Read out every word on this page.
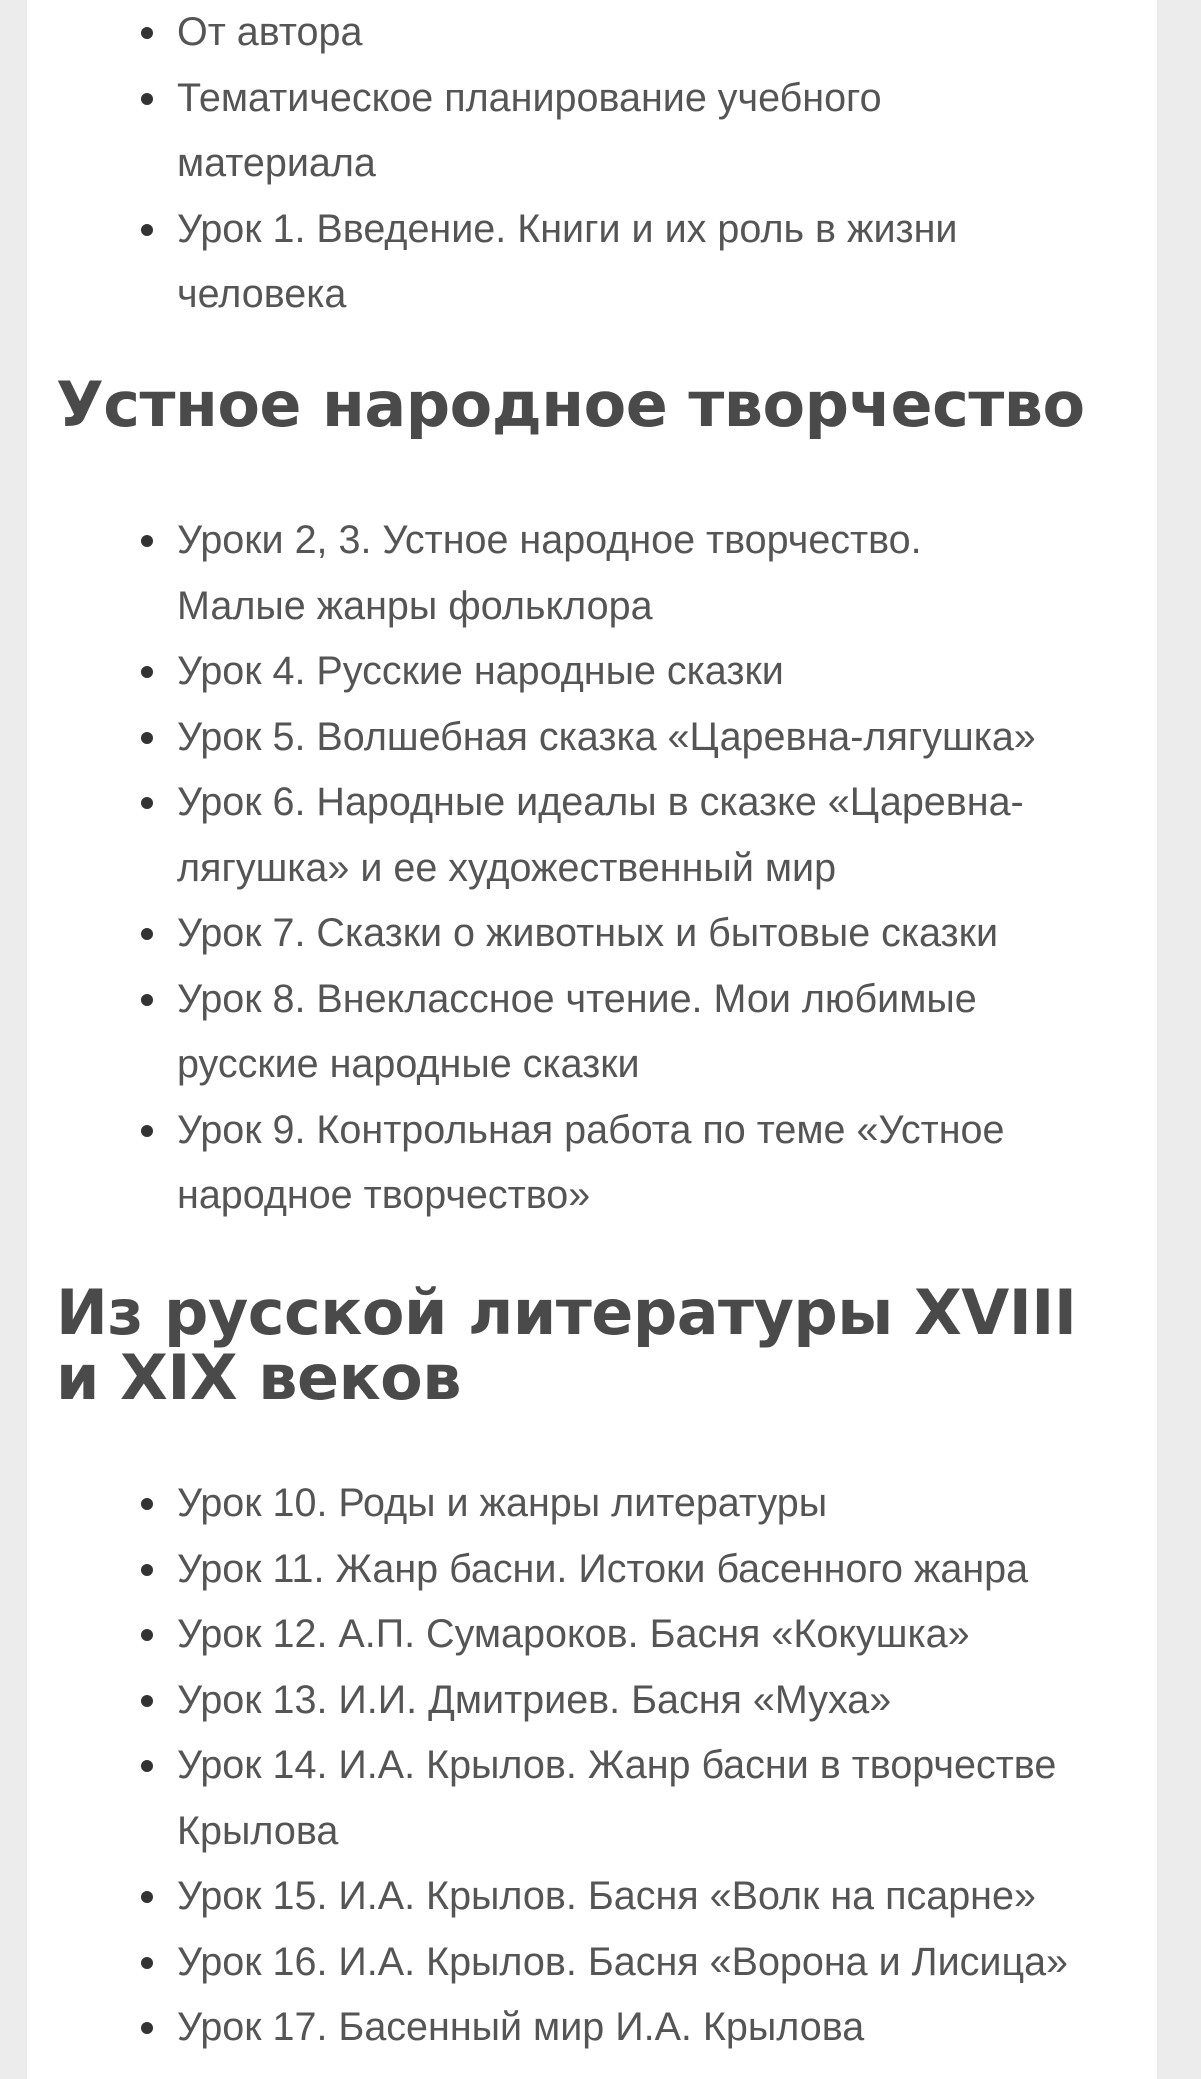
От автора
Тематическое планирование учебного
материала
Урок 1. Введение. Книги и их роль в жизни
человека
Устное народное творчество
Уроки 2, 3. Устное народное творчество.
Малые жанры фольклора
Урок 4. Русские народные сказки
Урок 5. Волшебная сказка «Царевна-лягушка»
Урок 6. Народные идеалы в сказке «Царевна-
лягушка» и ее художественный мир
Урок 7. Сказки о животных и бытовые сказки
Урок 8. Внеклассное чтение. Мои любимые
русские народные сказки
Урок 9. Контрольная работа по теме «Устное
народное творчество»
Из русской литературы XVIII
и XIX веков
Урок 10. Роды и жанры литературы
Урок 11. Жанр басни. Истоки басенного жанра
Урок 12. А.П. Сумароков. Басня «Кокушка»
Урок 13. И.И. Дмитриев. Басня «Муха»
Урок 14. И.А. Крылов. Жанр басни в творчестве
Крылова
Урок 15. И.А. Крылов. Басня «Волк на псарне»
Урок 16. И.А. Крылов. Басня «Ворона и Лисица»
Урок 17. Басенный мир И.А. Крылова
